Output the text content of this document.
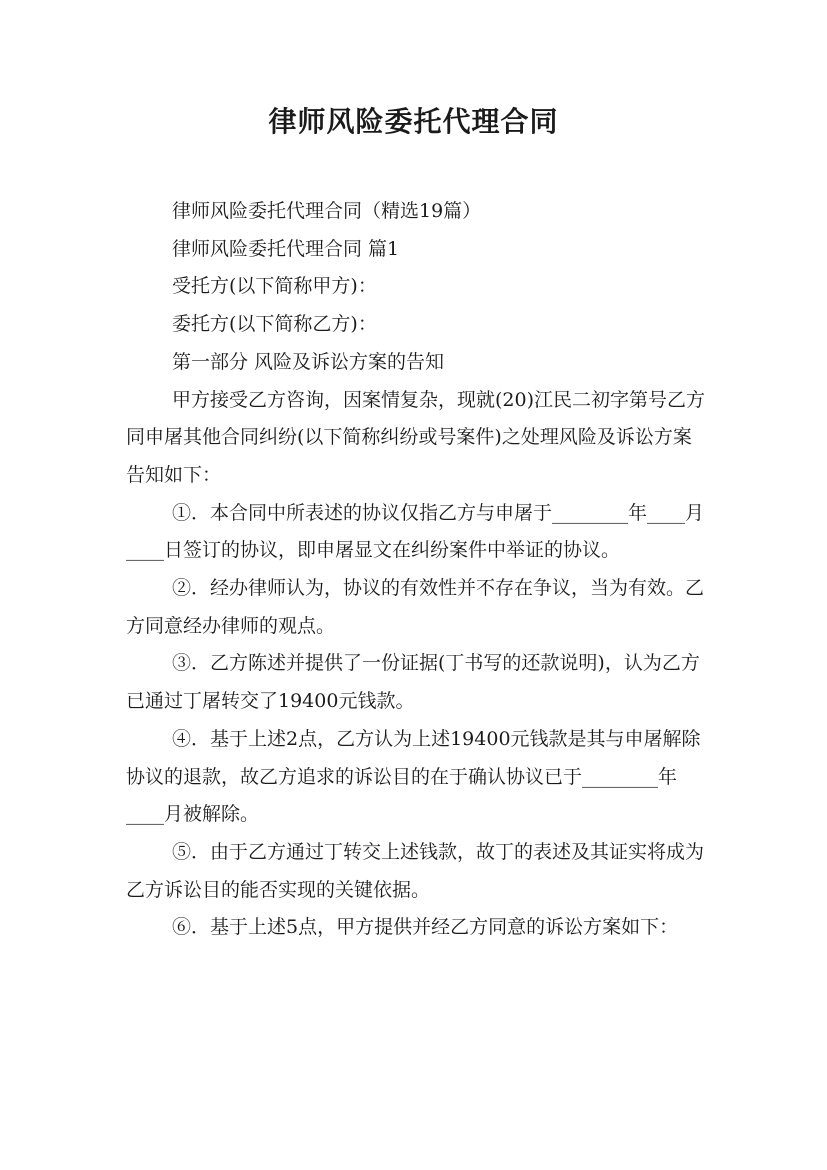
律师风险委托代理合同

律师风险委托代理合同（精选19篇）

律师风险委托代理合同 篇1

受托方(以下简称甲方)：

委托方(以下简称乙方)：

第一部分 风险及诉讼方案的告知

甲方接受乙方咨询，因案情复杂，现就(20)江民二初字第号乙方同申屠其他合同纠纷(以下简称纠纷或号案件)之处理风险及诉讼方案告知如下：

①．本合同中所表述的协议仅指乙方与申屠于________年____月____日签订的协议，即申屠显文在纠纷案件中举证的协议。

②．经办律师认为，协议的有效性并不存在争议，当为有效。乙方同意经办律师的观点。

③．乙方陈述并提供了一份证据(丁书写的还款说明)，认为乙方已通过丁屠转交了19400元钱款。

④．基于上述2点，乙方认为上述19400元钱款是其与申屠解除协议的退款，故乙方追求的诉讼目的在于确认协议已于________年____月被解除。

⑤．由于乙方通过丁转交上述钱款，故丁的表述及其证实将成为乙方诉讼目的能否实现的关键依据。

⑥．基于上述5点，甲方提供并经乙方同意的诉讼方案如下：
